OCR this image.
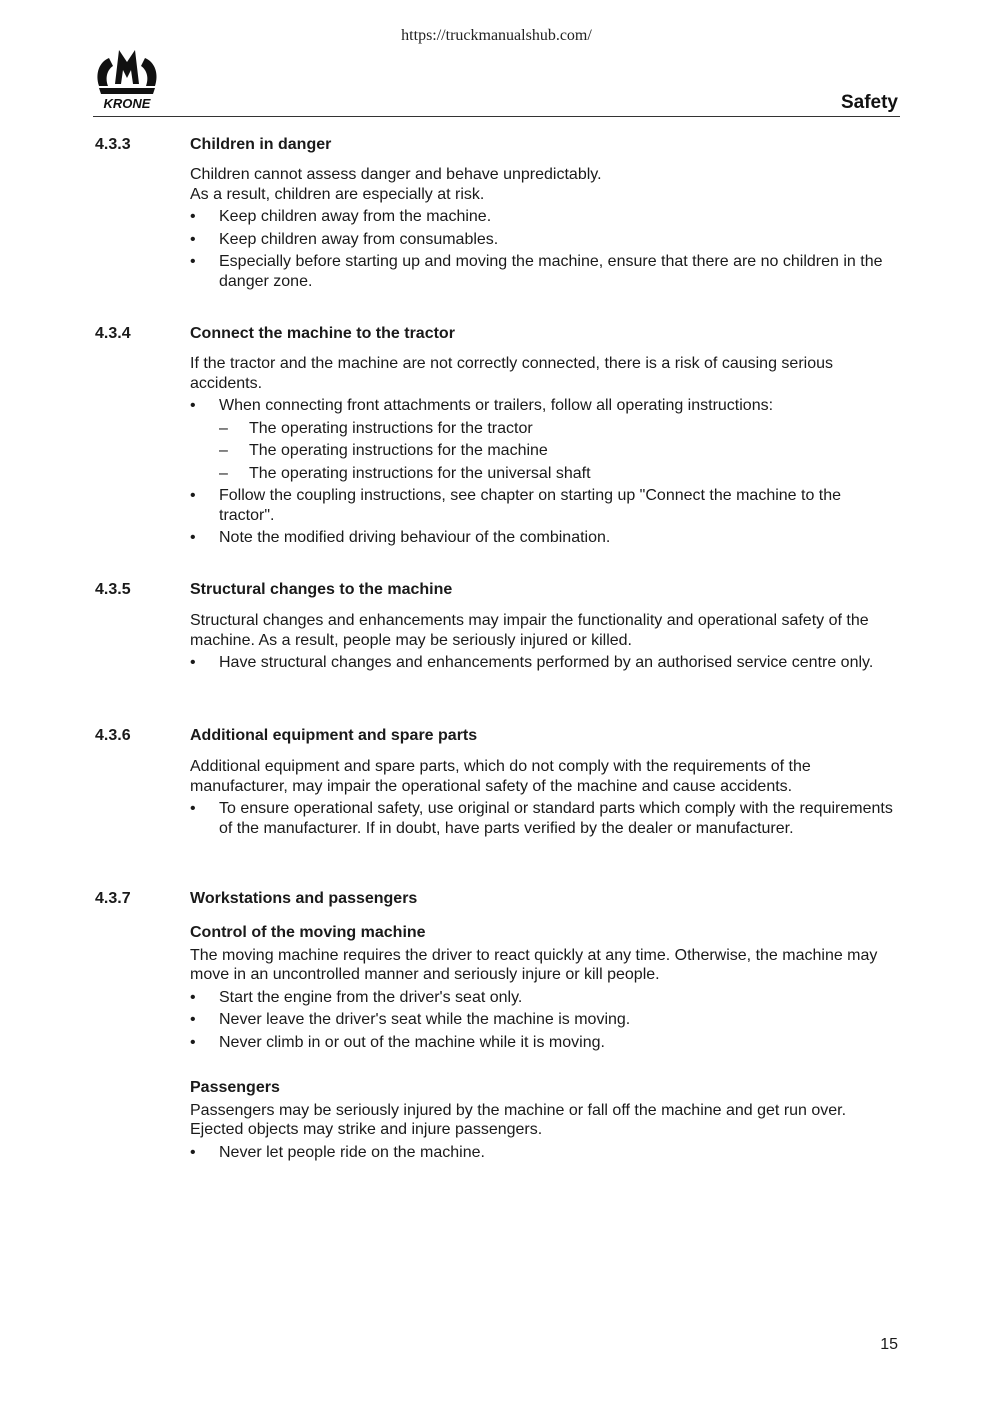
https://truckmanualshub.com/
KRONE	Safety
4.3.3	Children in danger

Children cannot assess danger and behave unpredictably.

As a result, children are especially at risk.

• Keep children away from the machine.
• Keep children away from consumables.
• Especially before starting up and moving the machine, ensure that there are no children in the danger zone.
4.3.4	Connect the machine to the tractor

If the tractor and the machine are not correctly connected, there is a risk of causing serious accidents.

• When connecting front attachments or trailers, follow all operating instructions:
– The operating instructions for the tractor
– The operating instructions for the machine
– The operating instructions for the universal shaft
• Follow the coupling instructions, see chapter on starting up "Connect the machine to the tractor".
• Note the modified driving behaviour of the combination.
4.3.5	Structural changes to the machine

Structural changes and enhancements may impair the functionality and operational safety of the machine. As a result, people may be seriously injured or killed.

• Have structural changes and enhancements performed by an authorised service centre only.
4.3.6	Additional equipment and spare parts

Additional equipment and spare parts, which do not comply with the requirements of the manufacturer, may impair the operational safety of the machine and cause accidents.

• To ensure operational safety, use original or standard parts which comply with the requirements of the manufacturer. If in doubt, have parts verified by the dealer or manufacturer.
4.3.7	Workstations and passengers

Control of the moving machine

The moving machine requires the driver to react quickly at any time. Otherwise, the machine may move in an uncontrolled manner and seriously injure or kill people.

• Start the engine from the driver's seat only.
• Never leave the driver's seat while the machine is moving.
• Never climb in or out of the machine while it is moving.

Passengers

Passengers may be seriously injured by the machine or fall off the machine and get run over. Ejected objects may strike and injure passengers.

• Never let people ride on the machine.
15
